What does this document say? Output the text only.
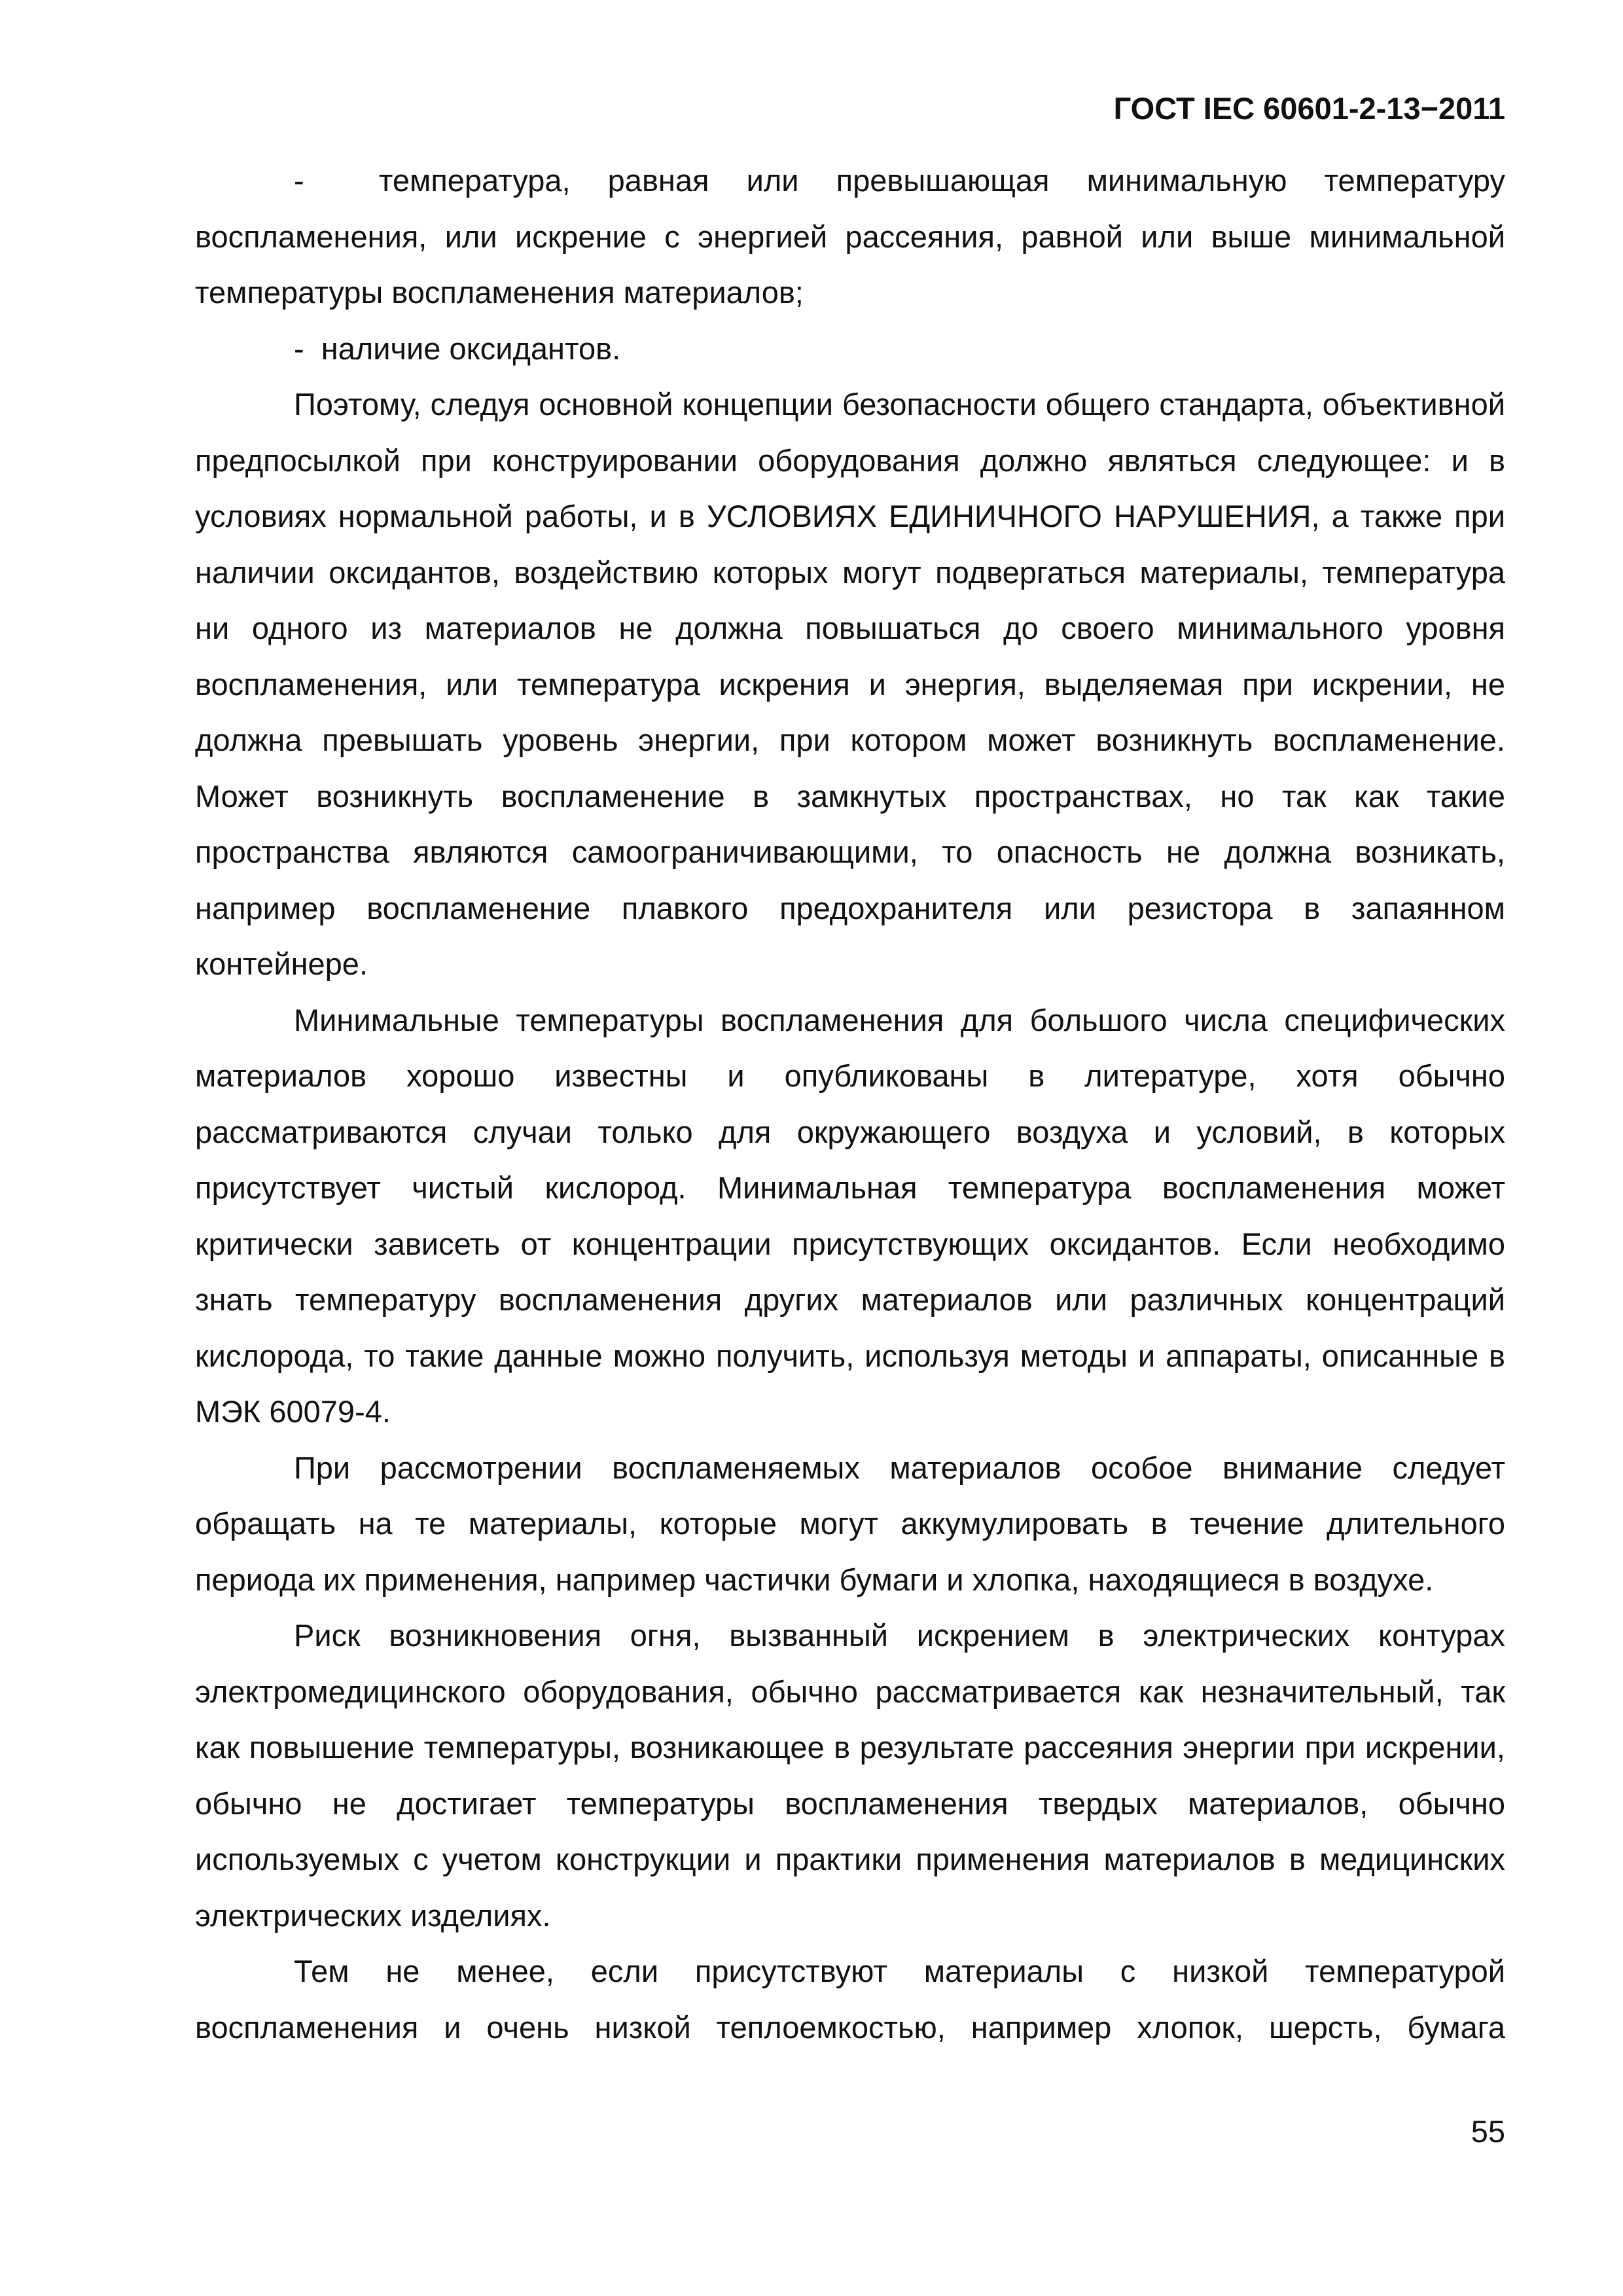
ГОСТ IEC 60601-2-13−2011

-  температура, равная или превышающая минимальную температуру воспламенения, или искрение с энергией рассеяния, равной или выше минимальной температуры воспламенения материалов;

-  наличие оксидантов.

Поэтому, следуя основной концепции безопасности общего стандарта, объективной предпосылкой при конструировании оборудования должно являться следующее: и в условиях нормальной работы, и в УСЛОВИЯХ ЕДИНИЧНОГО НАРУШЕНИЯ, а также при наличии оксидантов, воздействию которых могут подвергаться материалы, температура ни одного из материалов не должна повышаться до своего минимального уровня воспламенения, или температура искрения и энергия, выделяемая при искрении, не должна превышать уровень энергии, при котором может возникнуть воспламенение. Может возникнуть воспламенение в замкнутых пространствах, но так как такие пространства являются самоограничивающими, то опасность не должна возникать, например воспламенение плавкого предохранителя или резистора в запаянном контейнере.

Минимальные температуры воспламенения для большого числа специфических материалов хорошо известны и опубликованы в литературе, хотя обычно рассматриваются случаи только для окружающего воздуха и условий, в которых присутствует чистый кислород. Минимальная температура воспламенения может критически зависеть от концентрации присутствующих оксидантов. Если необходимо знать температуру воспламенения других материалов или различных концентраций кислорода, то такие данные можно получить, используя методы и аппараты, описанные в МЭК 60079-4.

При рассмотрении воспламеняемых материалов особое внимание следует обращать на те материалы, которые могут аккумулировать в течение длительного периода их применения, например частички бумаги и хлопка, находящиеся в воздухе.

Риск возникновения огня, вызванный искрением в электрических контурах электромедицинского оборудования, обычно рассматривается как незначительный, так как повышение температуры, возникающее в результате рассеяния энергии при искрении, обычно не достигает температуры воспламенения твердых материалов, обычно используемых с учетом конструкции и практики применения материалов в медицинских электрических изделиях.

Тем не менее, если присутствуют материалы с низкой температурой воспламенения и очень низкой теплоемкостью, например хлопок, шерсть, бумага

55
